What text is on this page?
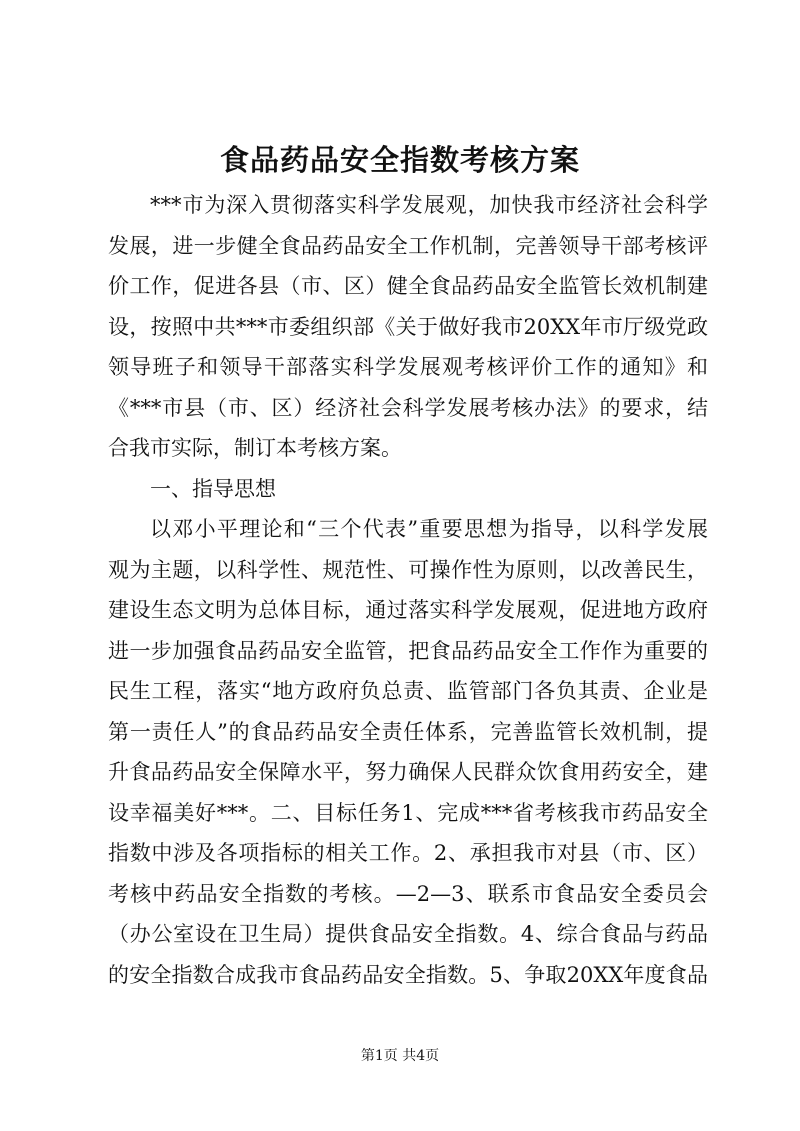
食品药品安全指数考核方案
***市为深入贯彻落实科学发展观，加快我市经济社会科学
发展，进一步健全食品药品安全工作机制，完善领导干部考核评
价工作，促进各县（市、区）健全食品药品安全监管长效机制建
设，按照中共***市委组织部《关于做好我市20XX年市厅级党政
领导班子和领导干部落实科学发展观考核评价工作的通知》和
《***市县（市、区）经济社会科学发展考核办法》的要求，结
合我市实际，制订本考核方案。
一、指导思想
以邓小平理论和“三个代表”重要思想为指导，以科学发展
观为主题，以科学性、规范性、可操作性为原则，以改善民生，
建设生态文明为总体目标，通过落实科学发展观，促进地方政府
进一步加强食品药品安全监管，把食品药品安全工作作为重要的
民生工程，落实“地方政府负总责、监管部门各负其责、企业是
第一责任人”的食品药品安全责任体系，完善监管长效机制，提
升食品药品安全保障水平，努力确保人民群众饮食用药安全，建
设幸福美好***。二、目标任务1、完成***省考核我市药品安全
指数中涉及各项指标的相关工作。2、承担我市对县（市、区）
考核中药品安全指数的考核。—2—3、联系市食品安全委员会
（办公室设在卫生局）提供食品安全指数。4、综合食品与药品
的安全指数合成我市食品药品安全指数。5、争取20XX年度食品
第1页 共4页
